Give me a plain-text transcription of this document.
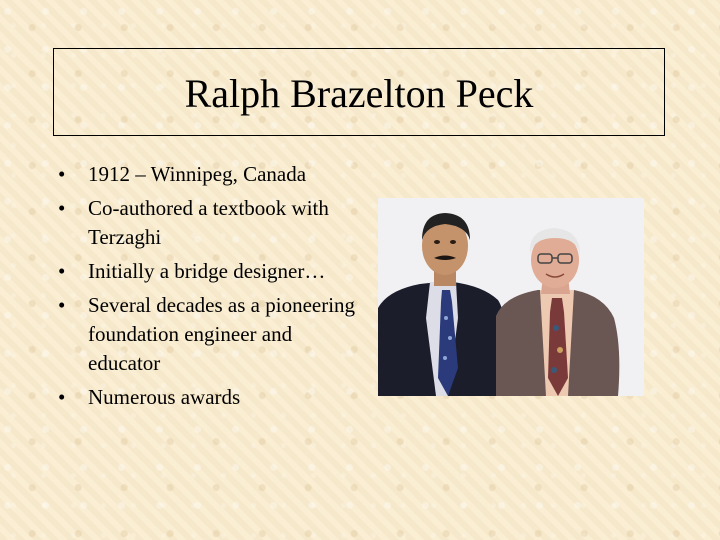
Ralph Brazelton Peck
• 1912 – Winnipeg, Canada
• Co-authored a textbook with Terzaghi
• Initially a bridge designer…
• Several decades as a pioneering foundation engineer and educator
• Numerous awards
